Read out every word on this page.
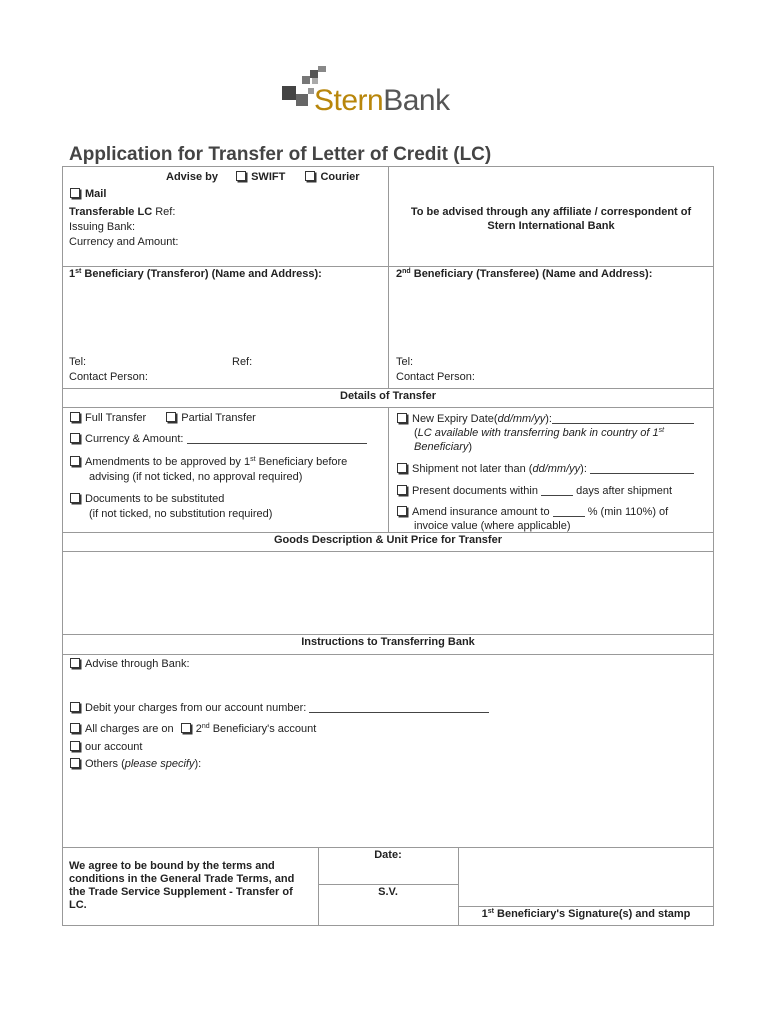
SternBank
Application for Transfer of Letter of Credit (LC)
Advise by	SWIFT	Courier
Mail
Transferable LC Ref:
Issuing Bank:
Currency and Amount:
To be advised through any affiliate / correspondent of Stern International Bank
1st Beneficiary (Transferor) (Name and Address):	2nd Beneficiary (Transferee) (Name and Address):
Tel:	Ref:
Contact Person:
Tel:
Contact Person:
Details of Transfer
Full Transfer	Partial Transfer
Currency & Amount:
Amendments to be approved by 1st Beneficiary before
advising (if not ticked, no approval required)
Documents to be substituted
(if not ticked, no substitution required)
New Expiry Date(dd/mm/yy):
(LC available with transferring bank in country of 1st
Beneficiary)
Shipment not later than (dd/mm/yy):
Present documents within	days after shipment
Amend insurance amount to	% (min 110%) of
invoice value (where applicable)
Goods Description & Unit Price for Transfer
Instructions to Transferring Bank
Advise through Bank:
Debit your charges from our account number:
All charges are on 2nd Beneficiary's account
our account
Others (please specify):
We agree to be bound by the terms and conditions in the General Trade Terms, and the Trade Service Supplement - Transfer of LC.
Date:
S.V.
1st Beneficiary's Signature(s) and stamp
